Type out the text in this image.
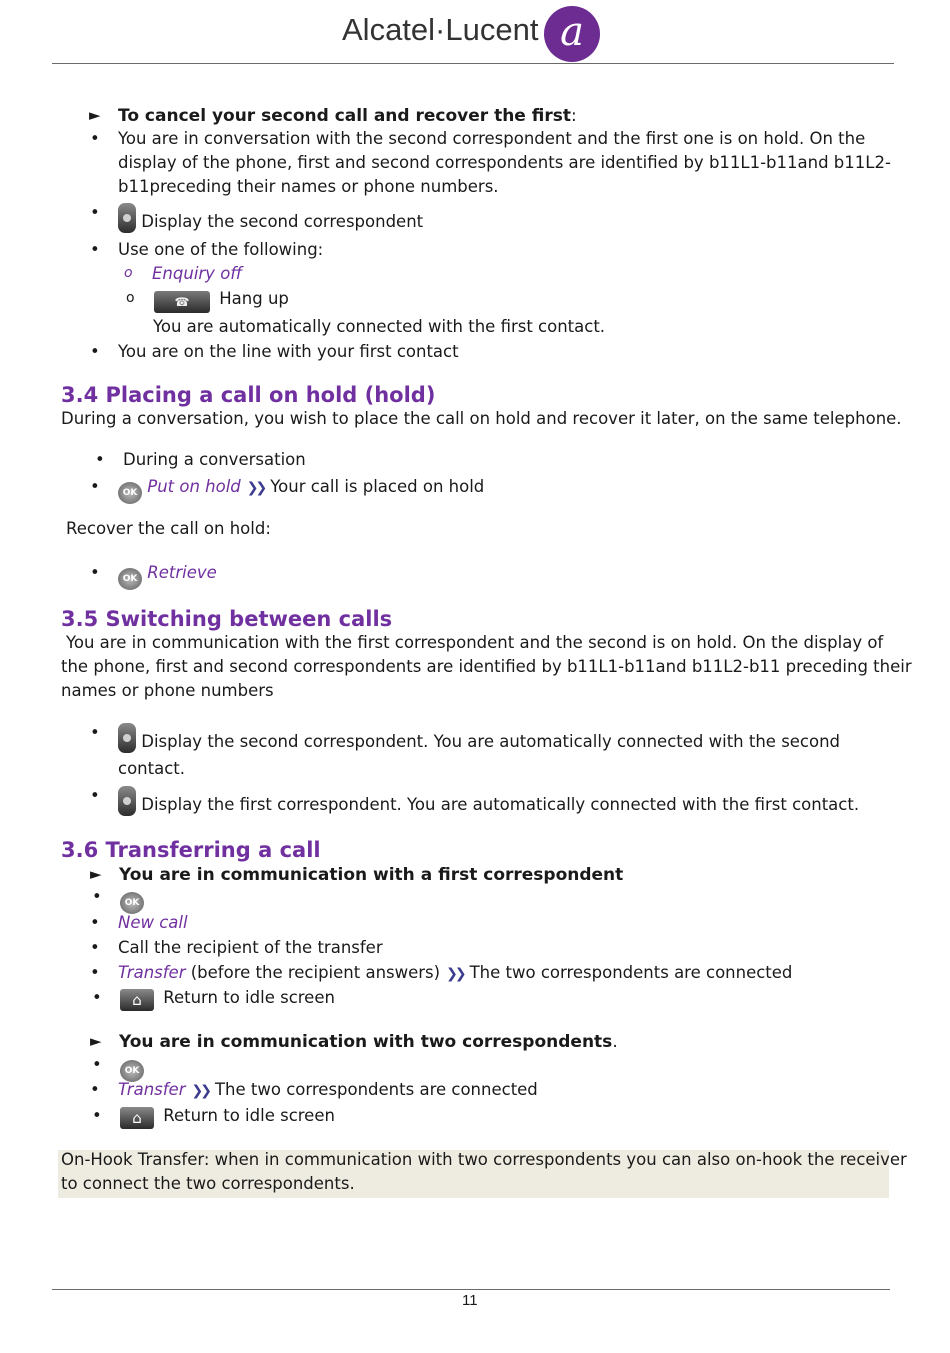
Alcatel·Lucent a
► To cancel your second call and recover the first:
• You are in conversation with the second correspondent and the first one is on hold. On the
display of the phone, first and second correspondents are identified by b11L1-b11and b11L2-
b11preceding their names or phone numbers.
• Display the second correspondent
• Use one of the following:
o Enquiry off
o ☎ Hang up
You are automatically connected with the first contact.
• You are on the line with your first contact
3.4 Placing a call on hold (hold)
During a conversation, you wish to place the call on hold and recover it later, on the same telephone.
• During a conversation
• OK Put on hold ❯❯ Your call is placed on hold
Recover the call on hold:
• OK Retrieve
3.5 Switching between calls
You are in communication with the first correspondent and the second is on hold. On the display of
the phone, first and second correspondents are identified by b11L1-b11and b11L2-b11 preceding their
names or phone numbers
• Display the second correspondent. You are automatically connected with the second
contact.
• Display the first correspondent. You are automatically connected with the first contact.
3.6 Transferring a call
► You are in communication with a first correspondent
• OK
• New call
• Call the recipient of the transfer
• Transfer (before the recipient answers) ❯❯ The two correspondents are connected
• ⌂ Return to idle screen
► You are in communication with two correspondents.
• OK
• Transfer ❯❯ The two correspondents are connected
• ⌂ Return to idle screen
On-Hook Transfer: when in communication with two correspondents you can also on-hook the receiver
to connect the two correspondents.
11
